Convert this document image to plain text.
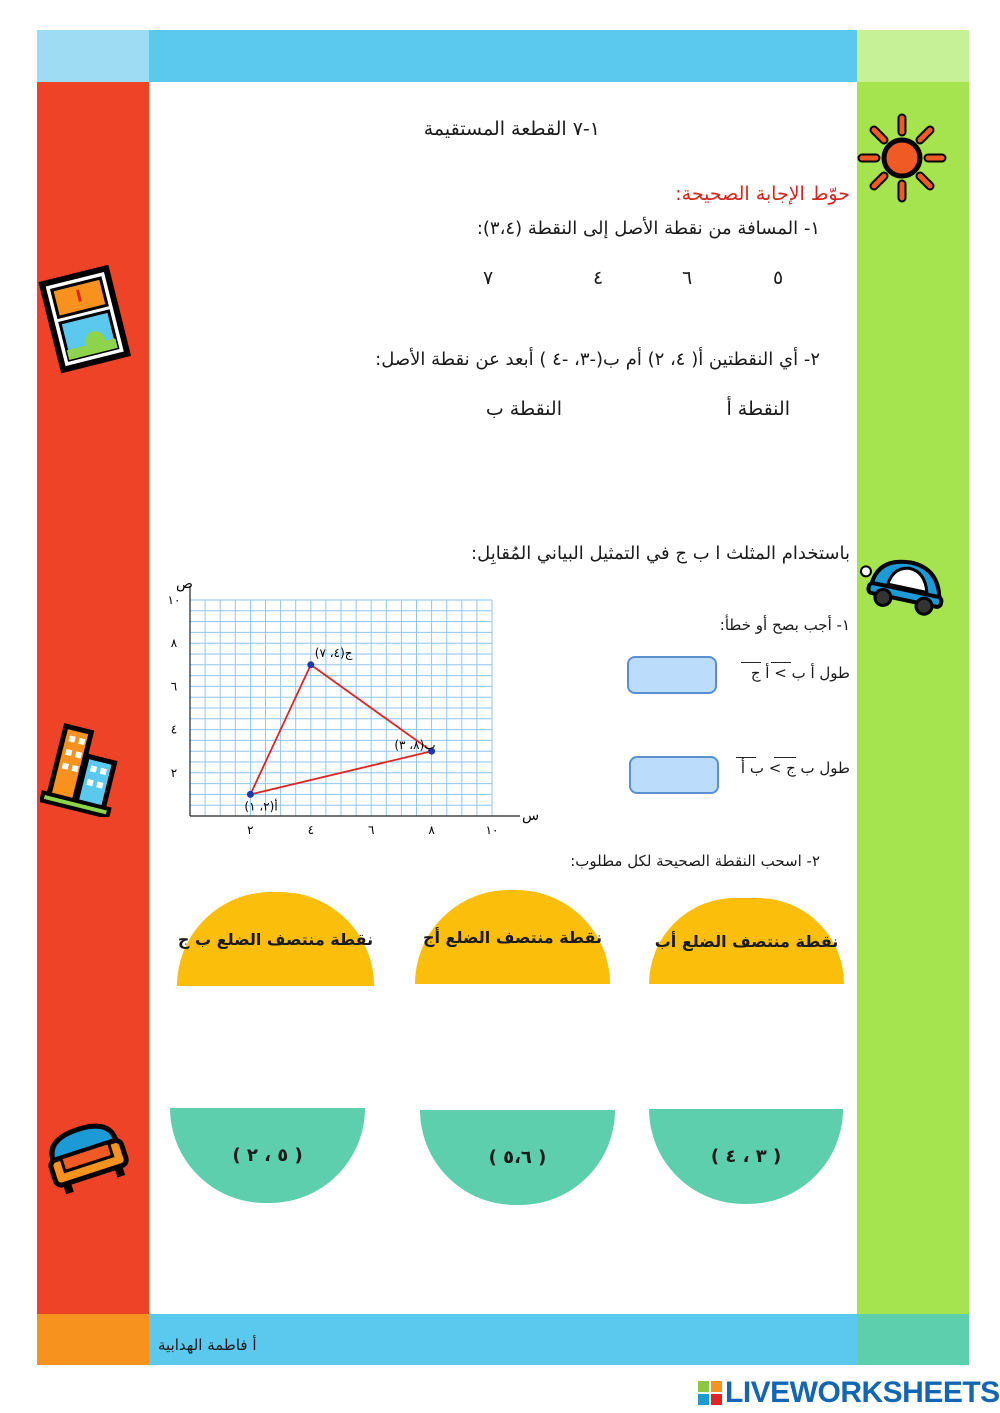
١-٧ القطعة المستقيمة
حوّط الإجابة الصحيحة:
١- المسافة من نقطة الأصل إلى النقطة (٣،٤):
٥
٦
٤
٧
٢- أي النقطتين أ( ٤، ٢) أم ب(-٣، -٤ ) أبعد عن نقطة الأصل:
النقطة أ
النقطة ب
باستخدام المثلث ا ب ج في التمثيل البياني المُقابِل:
س
ص
٢	٤	٦	٨	١٠
٢
٤
٦
٨
١٠
أ(٢، ١)
ب(٨، ٣)
ج(٤، ٧)
١- أجب بصح أو خطأ:
طول أ ب > أ ج
طول ب ج > ب أ
٢- اسحب النقطة الصحيحة لكل مطلوب:
نقطة منتصف الضلع أب
نقطة منتصف الضلع أج
نقطة منتصف الضلع ب ج
( ٣ ، ٤ )
( ٥،٦ )
( ٥ ، ٢ )
أ فاطمة الهدابية
LIVEWORKSHEETS
